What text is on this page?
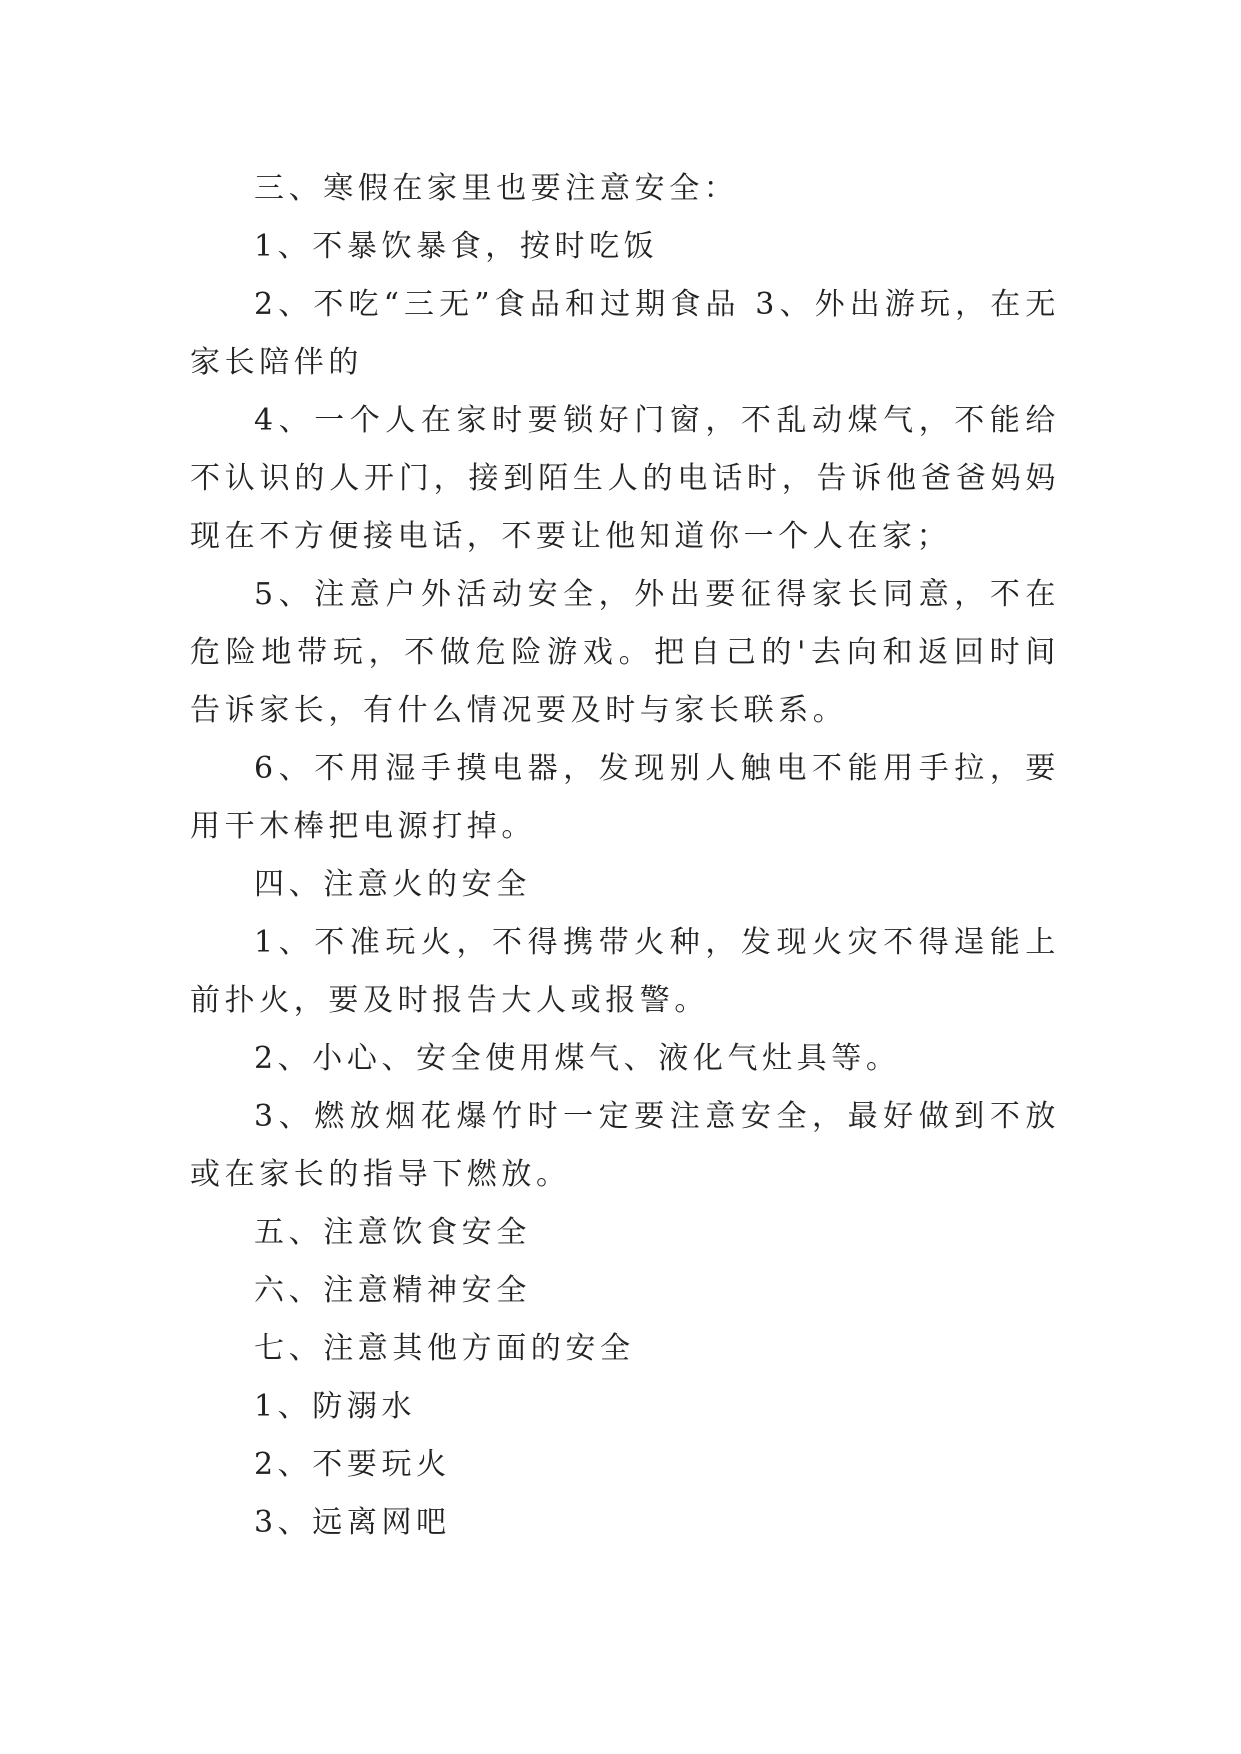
三、寒假在家里也要注意安全：

1、不暴饮暴食，按时吃饭

2、不吃“三无”食品和过期食品 3、外出游玩，在无家长陪伴的

4、一个人在家时要锁好门窗，不乱动煤气，不能给不认识的人开门，接到陌生人的电话时，告诉他爸爸妈妈现在不方便接电话，不要让他知道你一个人在家；

5、注意户外活动安全，外出要征得家长同意，不在危险地带玩，不做危险游戏。把自己的'去向和返回时间告诉家长，有什么情况要及时与家长联系。

6、不用湿手摸电器，发现别人触电不能用手拉，要用干木棒把电源打掉。

四、注意火的安全

1、不准玩火，不得携带火种，发现火灾不得逞能上前扑火，要及时报告大人或报警。

2、小心、安全使用煤气、液化气灶具等。

3、燃放烟花爆竹时一定要注意安全，最好做到不放或在家长的指导下燃放。

五、注意饮食安全

六、注意精神安全

七、注意其他方面的安全

1、防溺水

2、不要玩火

3、远离网吧
